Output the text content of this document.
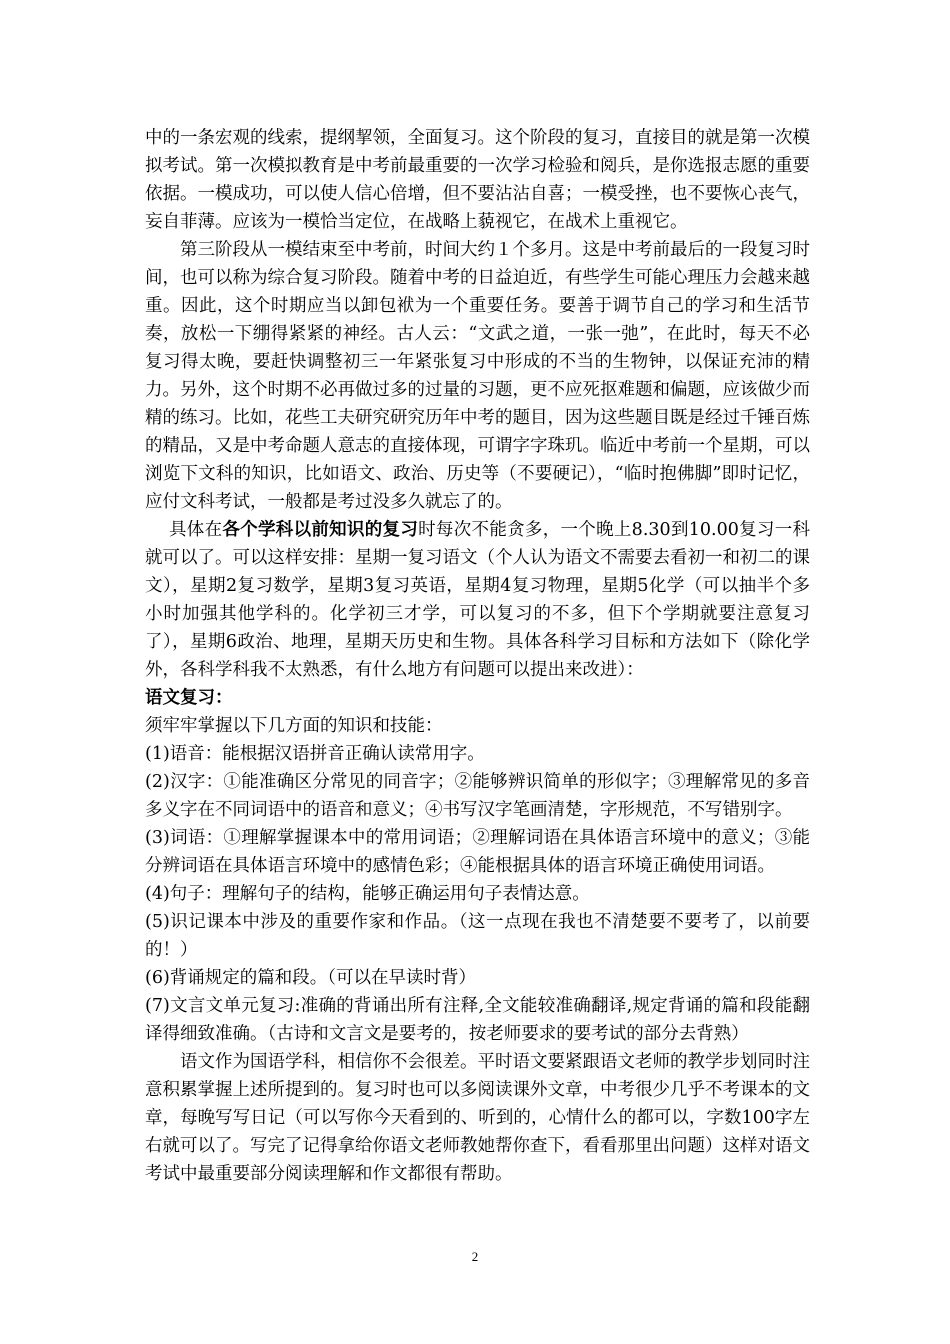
中的一条宏观的线索，提纲挈领，全面复习。这个阶段的复习，直接目的就是第一次模拟考试。第一次模拟教育是中考前最重要的一次学习检验和阅兵，是你选报志愿的重要依据。一模成功，可以使人信心倍增，但不要沾沾自喜；一模受挫，也不要恢心丧气，妄自菲薄。应该为一模恰当定位，在战略上藐视它，在战术上重视它。

第三阶段从一模结束至中考前，时间大约１个多月。这是中考前最后的一段复习时间，也可以称为综合复习阶段。随着中考的日益迫近，有些学生可能心理压力会越来越重。因此，这个时期应当以卸包袱为一个重要任务。要善于调节自己的学习和生活节奏，放松一下绷得紧紧的神经。古人云：“文武之道，一张一弛”，在此时，每天不必复习得太晚，要赶快调整初三一年紧张复习中形成的不当的生物钟，以保证充沛的精力。另外，这个时期不必再做过多的过量的习题，更不应死抠难题和偏题，应该做少而精的练习。比如，花些工夫研究研究历年中考的题目，因为这些题目既是经过千锤百炼的精品，又是中考命题人意志的直接体现，可谓字字珠玑。临近中考前一个星期，可以浏览下文科的知识，比如语文、政治、历史等（不要硬记），“临时抱佛脚”即时记忆，应付文科考试，一般都是考过没多久就忘了的。

具体在各个学科以前知识的复习时每次不能贪多，一个晚上8.30到10.00复习一科就可以了。可以这样安排：星期一复习语文（个人认为语文不需要去看初一和初二的课文），星期2复习数学，星期3复习英语，星期4复习物理，星期5化学（可以抽半个多小时加强其他学科的。化学初三才学，可以复习的不多，但下个学期就要注意复习了），星期6政治、地理，星期天历史和生物。具体各科学习目标和方法如下（除化学外，各科学科我不太熟悉，有什么地方有问题可以提出来改进）：

语文复习：

须牢牢掌握以下几方面的知识和技能：

(1)语音：能根据汉语拼音正确认读常用字。

(2)汉字：①能准确区分常见的同音字；②能够辨识简单的形似字；③理解常见的多音多义字在不同词语中的语音和意义；④书写汉字笔画清楚，字形规范，不写错别字。

(3)词语：①理解掌握课本中的常用词语；②理解词语在具体语言环境中的意义；③能分辨词语在具体语言环境中的感情色彩；④能根据具体的语言环境正确使用词语。

(4)句子：理解句子的结构，能够正确运用句子表情达意。

(5)识记课本中涉及的重要作家和作品。（这一点现在我也不清楚要不要考了，以前要的！）

(6)背诵规定的篇和段。（可以在早读时背）

(7)文言文单元复习:准确的背诵出所有注释,全文能较准确翻译,规定背诵的篇和段能翻译得细致准确。（古诗和文言文是要考的，按老师要求的要考试的部分去背熟）

语文作为国语学科，相信你不会很差。平时语文要紧跟语文老师的教学步划同时注意积累掌握上述所提到的。复习时也可以多阅读课外文章，中考很少几乎不考课本的文章，每晚写写日记（可以写你今天看到的、听到的，心情什么的都可以，字数100字左右就可以了。写完了记得拿给你语文老师教她帮你查下，看看那里出问题）这样对语文考试中最重要部分阅读理解和作文都很有帮助。

2
